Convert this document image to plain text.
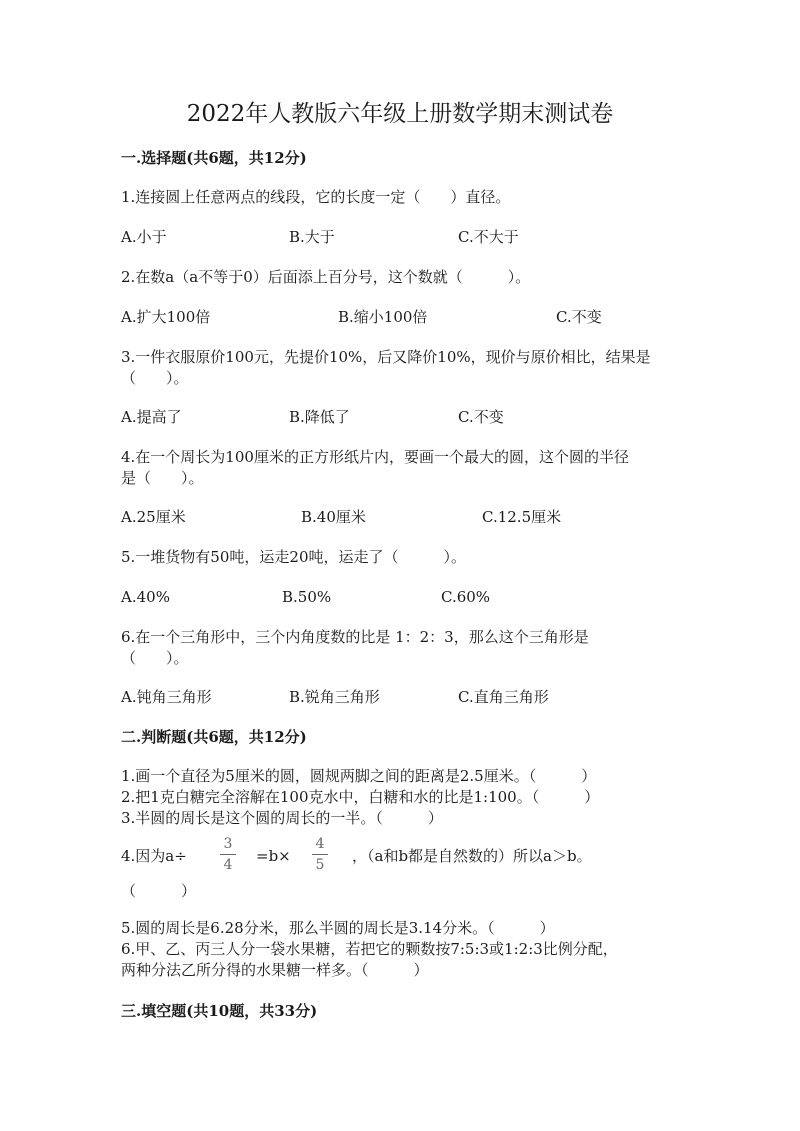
2022年人教版六年级上册数学期末测试卷
一.选择题(共6题，共12分)
1.连接圆上任意两点的线段，它的长度一定（　　）直径。
A.小于	B.大于	C.不大于
2.在数a（a不等于0）后面添上百分号，这个数就（　　　）。
A.扩大100倍	B.缩小100倍	C.不变
3.一件衣服原价100元，先提价10%，后又降价10%，现价与原价相比，结果是
（　　）。
A.提高了	B.降低了	C.不变
4.在一个周长为100厘米的正方形纸片内，要画一个最大的圆，这个圆的半径
是（　　）。
A.25厘米	B.40厘米	C.12.5厘米
5.一堆货物有50吨，运走20吨，运走了（　　　）。
A.40%	B.50%	C.60%
6.在一个三角形中，三个内角度数的比是 1：2：3，那么这个三角形是
（　　）。
A.钝角三角形	B.锐角三角形	C.直角三角形
二.判断题(共6题，共12分)
1.画一个直径为5厘米的圆，圆规两脚之间的距离是2.5厘米。（　　　）
2.把1克白糖完全溶解在100克水中，白糖和水的比是1:100。（　　　）
3.半圆的周长是这个圆的周长的一半。（　　　）
4.因为a÷
3
4	=b×
4
5	，（a和b都是自然数的）所以a＞b。
（　　　）
5.圆的周长是6.28分米，那么半圆的周长是3.14分米。（　　　）
6.甲、乙、丙三人分一袋水果糖，若把它的颗数按7:5:3或1:2:3比例分配，
两种分法乙所分得的水果糖一样多。（　　　）
三.填空题(共10题，共33分)
